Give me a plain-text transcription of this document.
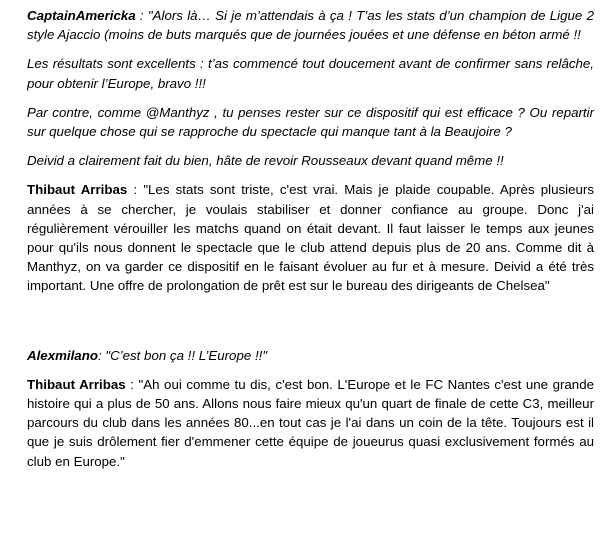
CaptainAmericka : "Alors là… Si je m’attendais à ça ! T’as les stats d’un champion de Ligue 2 style Ajaccio (moins de buts marqués que de journées jouées et une défense en béton armé !!

Les résultats sont excellents : t’as commencé tout doucement avant de confirmer sans relâche, pour obtenir l’Europe, bravo !!!

Par contre, comme @Manthyz , tu penses rester sur ce dispositif qui est efficace ? Ou repartir sur quelque chose qui se rapproche du spectacle qui manque tant à la Beaujoire ?

Deivid a clairement fait du bien, hâte de revoir Rousseaux devant quand même !!

Thibaut Arribas : "Les stats sont triste, c'est vrai. Mais je plaide coupable. Après plusieurs années à se chercher, je voulais stabiliser et donner confiance au groupe. Donc j'ai régulièrement vérouiller les matchs quand on était devant. Il faut laisser le temps aux jeunes pour qu'ils nous donnent le spectacle que le club attend depuis plus de 20 ans. Comme dit à Manthyz, on va garder ce dispositif en le faisant évoluer au fur et à mesure. Deivid a été très important. Une offre de prolongation de prêt est sur le bureau des dirigeants de Chelsea"

Alexmilano: "C’est bon ça !! L’Europe !!"

Thibaut Arribas : "Ah oui comme tu dis, c'est bon. L'Europe et le FC Nantes c'est une grande histoire qui a plus de 50 ans. Allons nous faire mieux qu'un quart de finale de cette C3, meilleur parcours du club dans les années 80...en tout cas je l'ai dans un coin de la tête. Toujours est il que je suis drôlement fier d'emmener cette équipe de joueurus quasi exclusivement formés au club en Europe."
